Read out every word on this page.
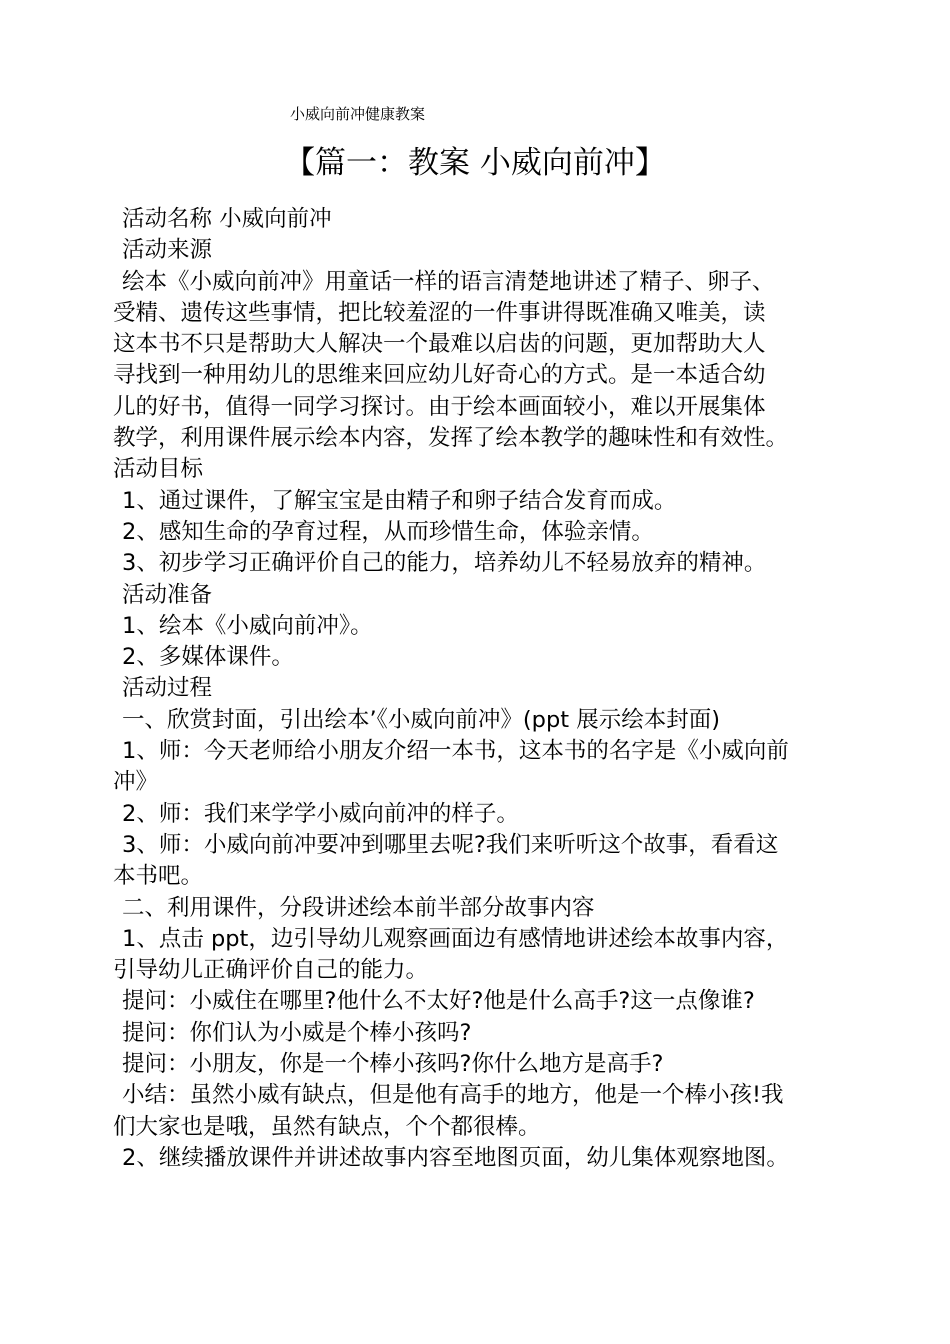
小威向前冲健康教案
【篇一：教案 小威向前冲】
活动名称 小威向前冲
活动来源
绘本《小威向前冲》用童话一样的语言清楚地讲述了精子、卵子、
受精、遗传这些事情，把比较羞涩的一件事讲得既准确又唯美，读
这本书不只是帮助大人解决一个最难以启齿的问题，更加帮助大人
寻找到一种用幼儿的思维来回应幼儿好奇心的方式。是一本适合幼
儿的好书，值得一同学习探讨。由于绘本画面较小，难以开展集体
教学，利用课件展示绘本内容，发挥了绘本教学的趣味性和有效性。
活动目标
1、通过课件，了解宝宝是由精子和卵子结合发育而成。
2、感知生命的孕育过程，从而珍惜生命，体验亲情。
3、初步学习正确评价自己的能力，培养幼儿不轻易放弃的精神。
活动准备
1、绘本《小威向前冲》。
2、多媒体课件。
活动过程
一、欣赏封面，引出绘本’《小威向前冲》(ppt 展示绘本封面)
1、师：今天老师给小朋友介绍一本书，这本书的名字是《小威向前
冲》
2、师：我们来学学小威向前冲的样子。
3、师：小威向前冲要冲到哪里去呢?我们来听听这个故事，看看这
本书吧。
二、利用课件，分段讲述绘本前半部分故事内容
1、点击 ppt，边引导幼儿观察画面边有感情地讲述绘本故事内容，
引导幼儿正确评价自己的能力。
提问：小威住在哪里?他什么不太好?他是什么高手?这一点像谁?
提问：你们认为小威是个棒小孩吗?
提问：小朋友，你是一个棒小孩吗?你什么地方是高手?
小结：虽然小威有缺点，但是他有高手的地方，他是一个棒小孩!我
们大家也是哦，虽然有缺点，个个都很棒。
2、继续播放课件并讲述故事内容至地图页面，幼儿集体观察地图。
